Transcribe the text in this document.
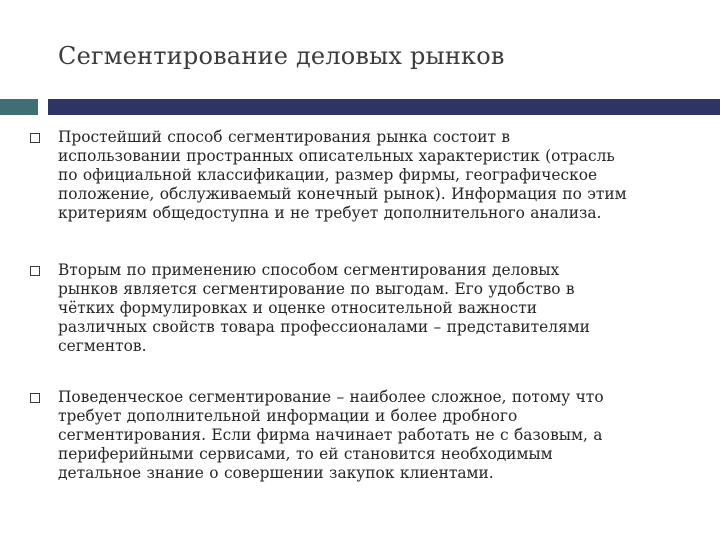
Сегментирование деловых рынков
Простейший способ сегментирования рынка состоит в
использовании пространных описательных характеристик (отрасль
по официальной классификации, размер фирмы, географическое
положение, обслуживаемый конечный рынок). Информация по этим
критериям общедоступна и не требует дополнительного анализа.
Вторым по применению способом сегментирования деловых
рынков является сегментирование по выгодам. Его удобство в
чётких формулировках и оценке относительной важности
различных свойств товара профессионалами – представителями
сегментов.
Поведенческое сегментирование – наиболее сложное, потому что
требует дополнительной информации и более дробного
сегментирования. Если фирма начинает работать не с базовым, а
периферийными сервисами, то ей становится необходимым
детальное знание о совершении закупок клиентами.
